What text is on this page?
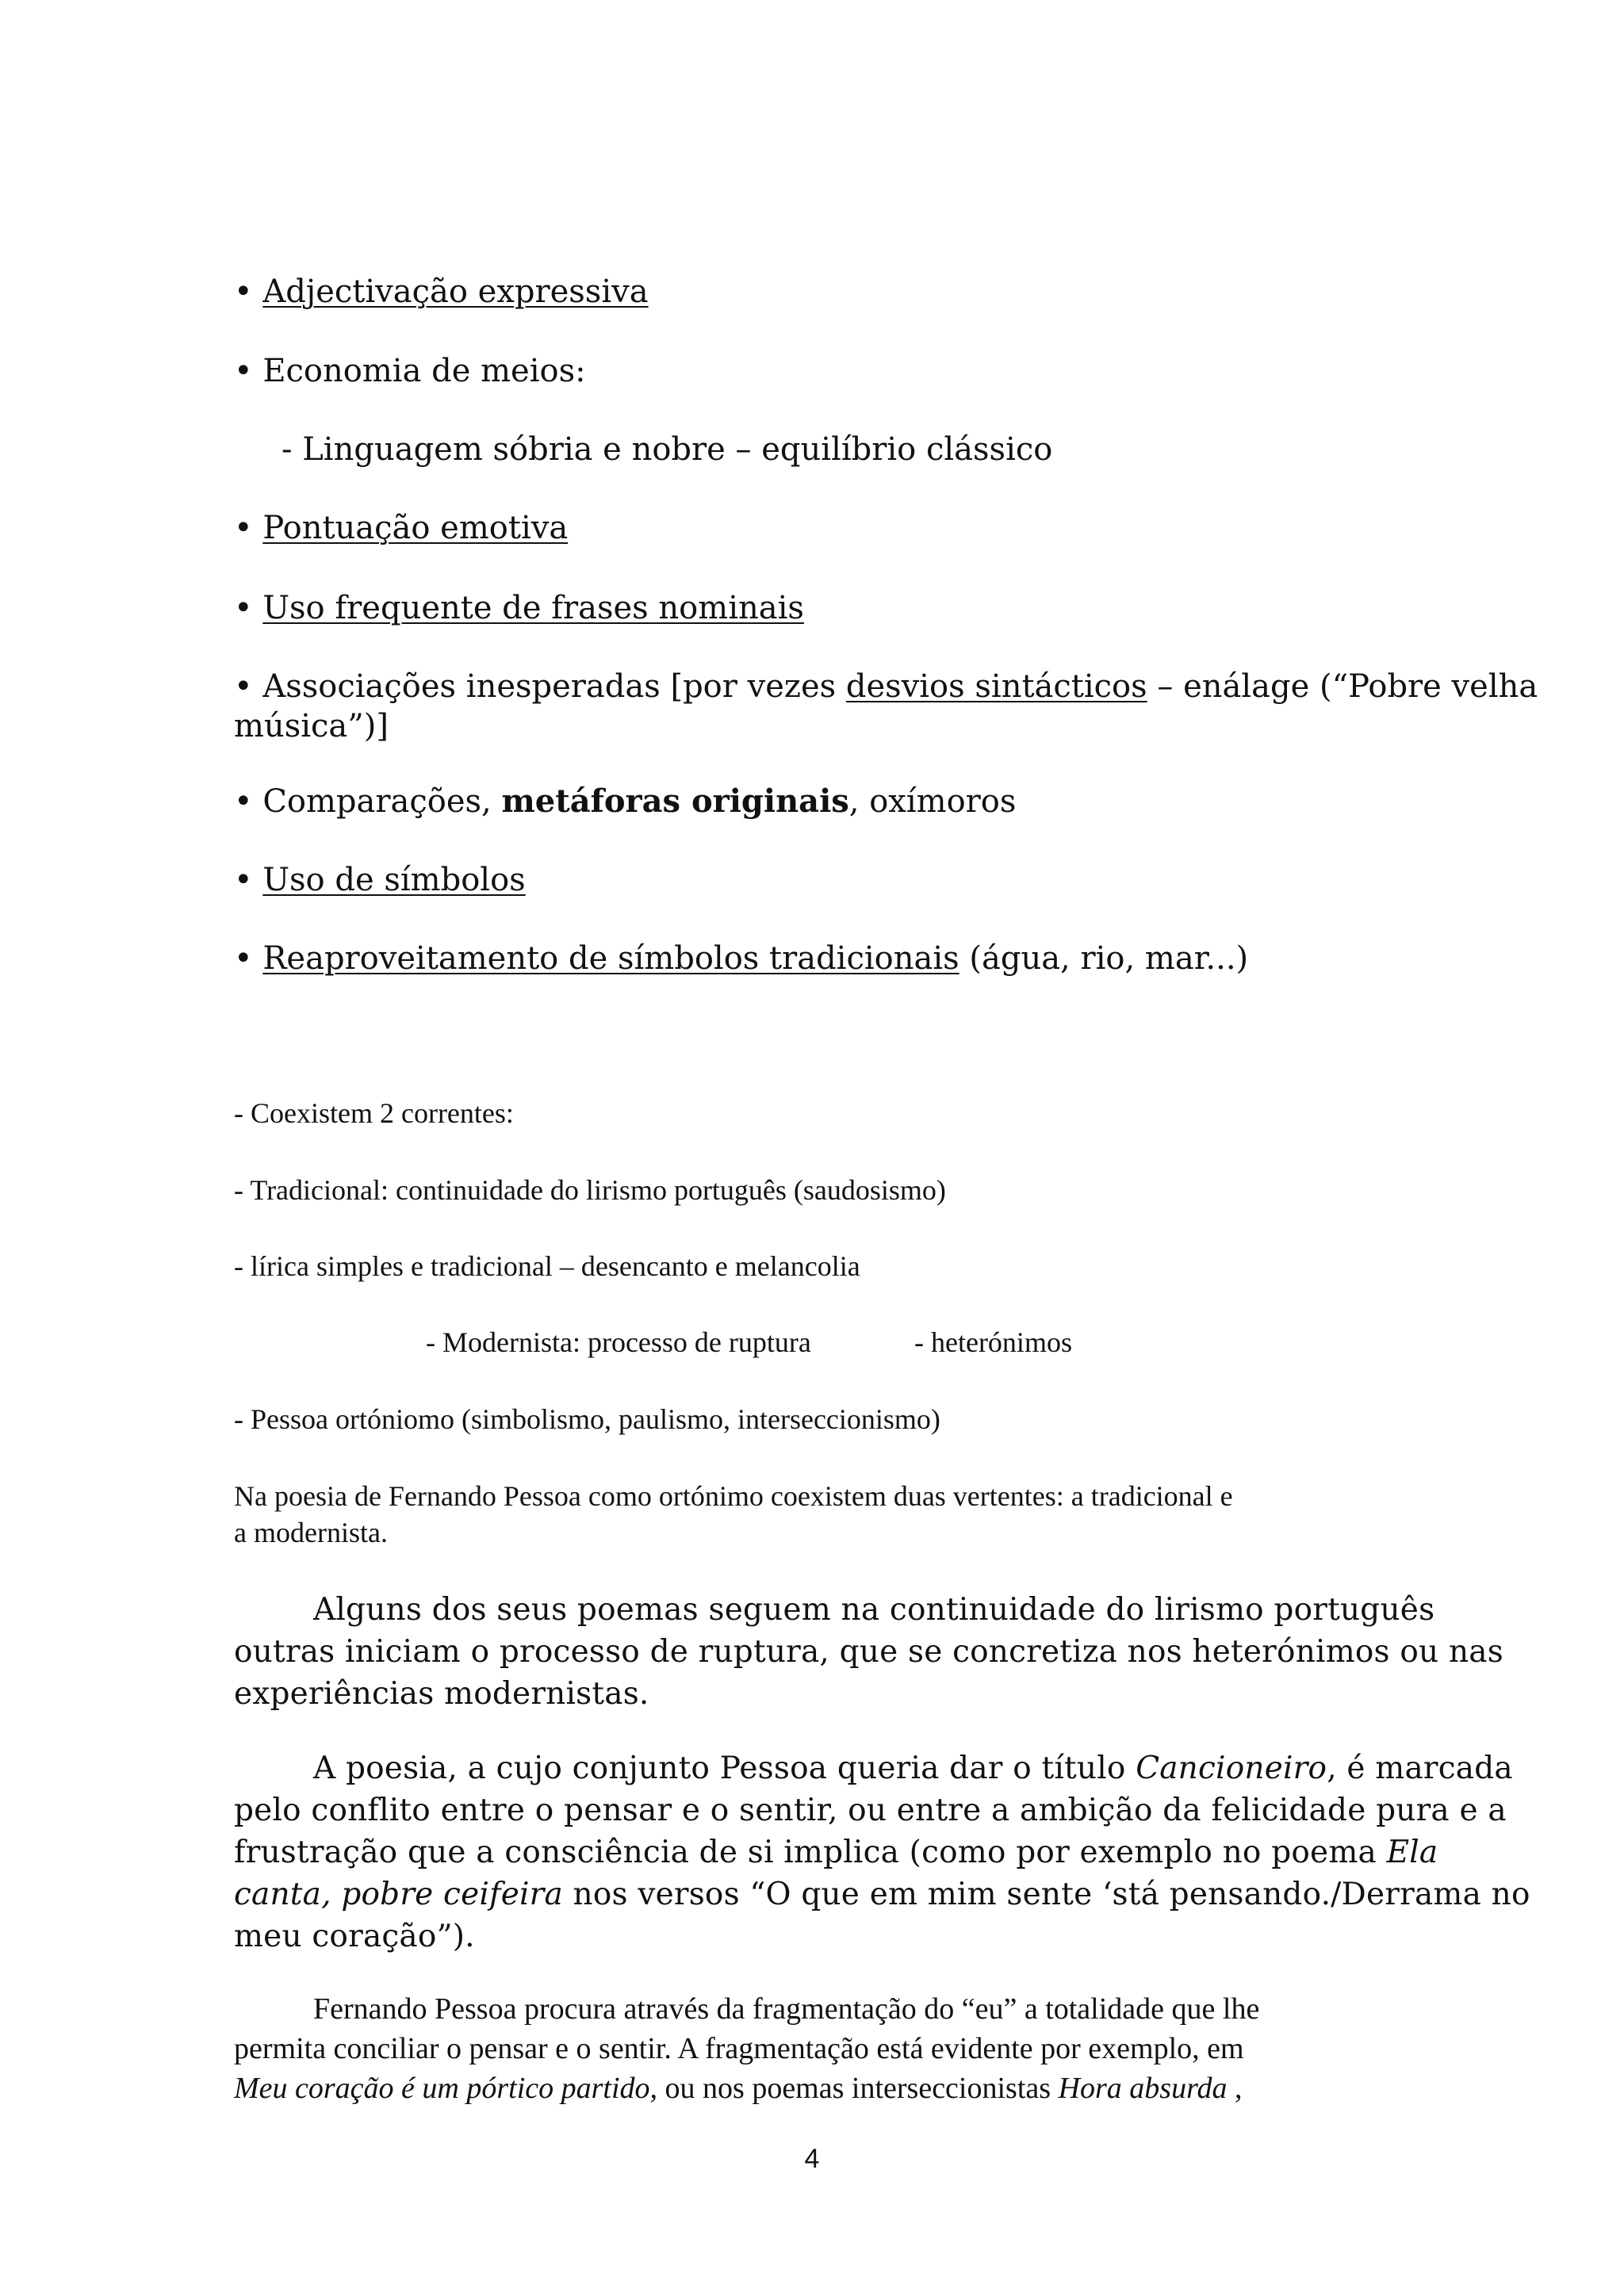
• Adjectivação expressiva
• Economia de meios:
- Linguagem sóbria e nobre – equilíbrio clássico
• Pontuação emotiva
• Uso frequente de frases nominais
• Associações inesperadas [por vezes desvios sintácticos – enálage (“Pobre velha
música”)]
• Comparações, metáforas originais, oxímoros
• Uso de símbolos
• Reaproveitamento de símbolos tradicionais (água, rio, mar...)
- Coexistem 2 correntes:
- Tradicional: continuidade do lirismo português (saudosismo)
- lírica simples e tradicional – desencanto e melancolia
- Modernista: processo de ruptura	- heterónimos
- Pessoa ortóniomo (simbolismo, paulismo, interseccionismo)
Na poesia de Fernando Pessoa como ortónimo coexistem duas vertentes: a tradicional e
a modernista.
Alguns dos seus poemas seguem na continuidade do lirismo português
outras iniciam o processo de ruptura, que se concretiza nos heterónimos ou nas
experiências modernistas.
A poesia, a cujo conjunto Pessoa queria dar o título Cancioneiro, é marcada
pelo conflito entre o pensar e o sentir, ou entre a ambição da felicidade pura e a
frustração que a consciência de si implica (como por exemplo no poema Ela
canta, pobre ceifeira nos versos “O que em mim sente ‘stá pensando./Derrama no
meu coração”).
Fernando Pessoa procura através da fragmentação do “eu” a totalidade que lhe
permita conciliar o pensar e o sentir. A fragmentação está evidente por exemplo, em
Meu coração é um pórtico partido, ou nos poemas interseccionistas Hora absurda ,
4
